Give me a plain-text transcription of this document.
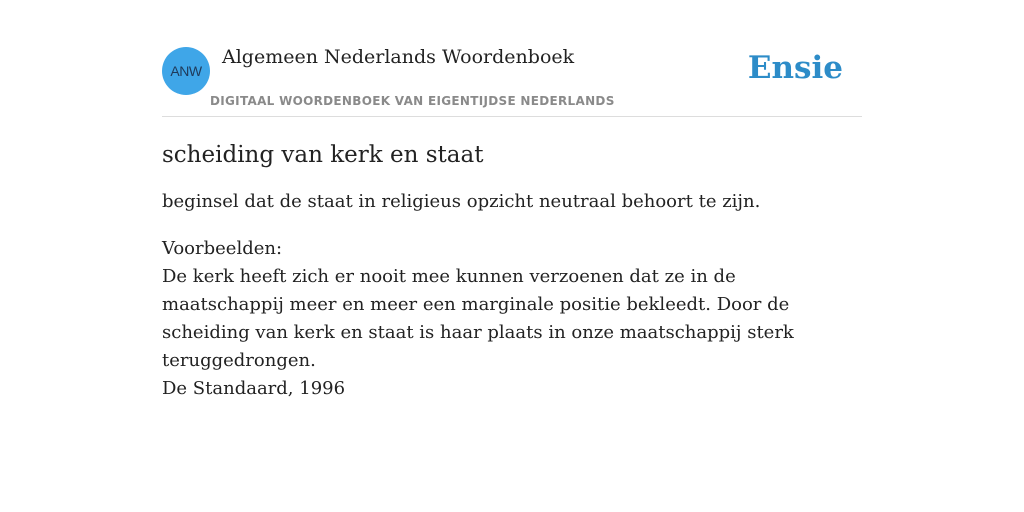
ANW
Algemeen Nederlands Woordenboek
DIGITAAL WOORDENBOEK VAN EIGENTIJDSE NEDERLANDS
Ensie
scheiding van kerk en staat

beginsel dat de staat in religieus opzicht neutraal behoort te zijn.

Voorbeelden:
De kerk heeft zich er nooit mee kunnen verzoenen dat ze in de maatschappij meer en meer een marginale positie bekleedt. Door de scheiding van kerk en staat is haar plaats in onze maatschappij sterk teruggedrongen.
De Standaard, 1996
